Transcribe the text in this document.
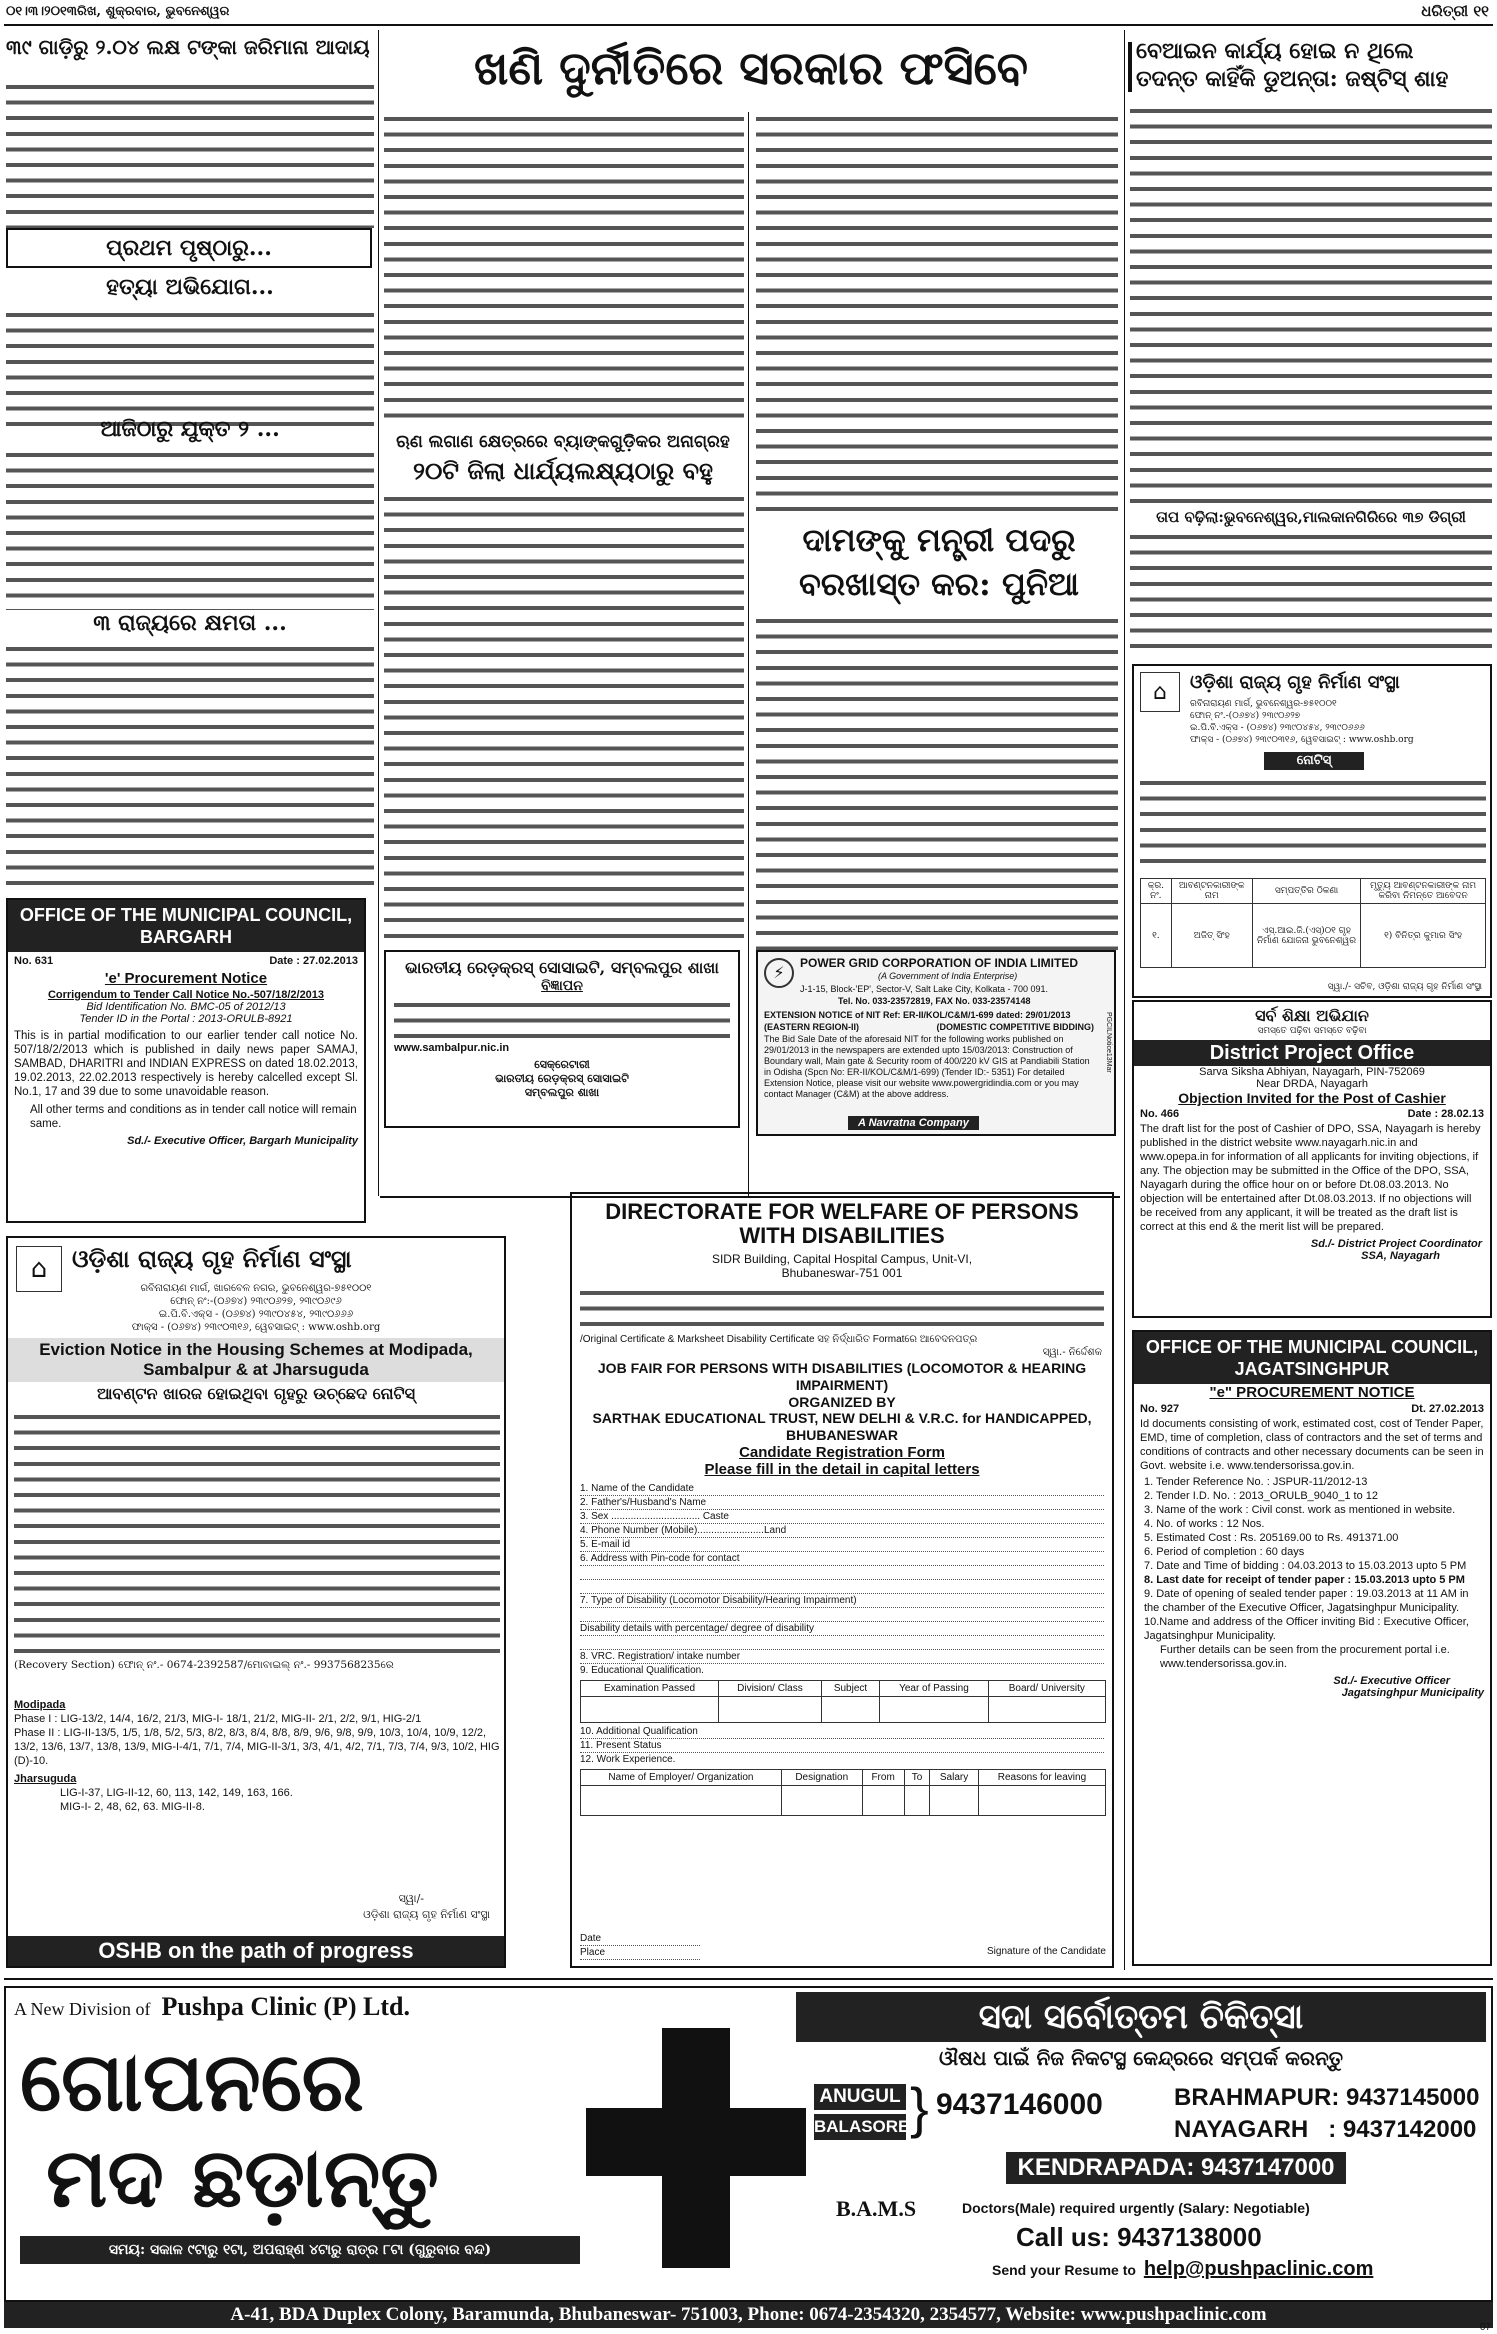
୦୧।୩।୨୦୧୩ରିଖ, ଶୁକ୍ରବାର, ଭୁବନେଶ୍ୱର	ଧରିତ୍ରୀ ୧୧
୩୯ ଗାଡ଼ିରୁ ୨.୦୪ ଲକ୍ଷ ଟଙ୍କା ଜରିମାନା ଆଦାୟ
ପ୍ରଥମ ପୃଷ୍ଠାରୁ...
ହତ୍ୟା ଅଭିଯୋଗ...
ଆଜିଠାରୁ ଯୁକ୍ତ ୨ ...
୩ ରାଜ୍ୟରେ କ୍ଷମତା ...
OFFICE OF THE MUNICIPAL COUNCIL, BARGARH
No. 631	Date : 27.02.2013
'e' Procurement Notice
Corrigendum to Tender Call Notice No.-507/18/2/2013
Bid Identification No. BMC-05 of 2012/13
Tender ID in the Portal : 2013-ORULB-8921
This is in partial modification to our earlier tender call notice No. 507/18/2/2013 which is published in daily news paper SAMAJ, SAMBAD, DHARITRI and INDIAN EXPRESS on dated 18.02.2013, 19.02.2013, 22.02.2013 respectively is hereby calcelled except Sl. No.1, 17 and 39 due to some unavoidable reason.
All other terms and conditions as in tender call notice will remain same.
Sd./- Executive Officer, Bargarh Municipality
⌂	ଓଡ଼ିଶା ରାଜ୍ୟ ଗୃହ ନିର୍ମାଣ ସଂସ୍ଥା
ରବିନାରାୟଣ ମାର୍ଗ, ଖାରବେଳ ନଗର, ଭୁବନେଶ୍ୱର-୭୫୧୦୦୧
ଫୋନ୍ ନଂ:-(୦୬୭୪) ୨୩୯୦୬୨୭, ୨୩୯୦୬୯୬
ଇ.ପି.ବି.ଏକ୍ସ - (୦୬୭୪) ୨୩୯୦୪୫୪, ୨୩୯୦୬୬୬
ଫାକ୍ସ - (୦୬୭୪) ୨୩୯୦୩୧୬, ୱେବସାଇଟ୍ : www.oshb.org
Eviction Notice in the Housing Schemes at Modipada, Sambalpur & at Jharsuguda
ଆବଣ୍ଟନ ଖାରଜ ହୋଇଥିବା ଗୃହରୁ ଉଚ୍ଛେଦ ନୋଟିସ୍
(Recovery Section) ଫୋନ୍ ନଂ.- 0674-2392587/ମୋବାଇଲ୍ ନଂ.- 9937568235ରେ
Modipada
Phase I : LIG-13/2, 14/4, 16/2, 21/3, MIG-I- 18/1, 21/2, MIG-II- 2/1, 2/2, 9/1, HIG-2/1
Phase II : LIG-II-13/5, 1/5, 1/8, 5/2, 5/3, 8/2, 8/3, 8/4, 8/8, 8/9, 9/6, 9/8, 9/9, 10/3, 10/4, 10/9, 12/2, 13/2, 13/6, 13/7, 13/8, 13/9, MIG-I-4/1, 7/1, 7/4, MIG-II-3/1, 3/3, 4/1, 4/2, 7/1, 7/3, 7/4, 9/3, 10/2, HIG (D)-10.
Jharsuguda
LIG-I-37, LIG-II-12, 60, 113, 142, 149, 163, 166.
MIG-I- 2, 48, 62, 63. MIG-II-8.
ସ୍ୱା/-
ଓଡ଼ିଶା ରାଜ୍ୟ ଗୃହ ନିର୍ମାଣ ସଂସ୍ଥା
OSHB on the path of progress
ଖଣି ଦୁର୍ନୀତିରେ ସରକାର ଫସିବେ
ଋଣ ଲଗାଣ କ୍ଷେତ୍ରରେ ବ୍ୟାଙ୍କଗୁଡ଼ିକର ଅନାଗ୍ରହ
୨୦ଟି ଜିଲା ଧାର୍ଯ୍ୟଲକ୍ଷ୍ୟଠାରୁ ବହୁ
ଦାମଙ୍କୁ ମନ୍ତ୍ରୀ ପଦରୁ ବରଖାସ୍ତ କର: ପୁନିଆ
ଭାରତୀୟ ରେଡ଼କ୍ରସ୍ ସୋସାଇଟି, ସମ୍ବଲପୁର ଶାଖା
ବିଜ୍ଞାପନ
www.sambalpur.nic.in
ସେକ୍ରେଟାରୀ
ଭାରତୀୟ ରେଡ଼କ୍ରସ୍ ସୋସାଇଟି
ସମ୍ବଲପୁର ଶାଖା
⚡	POWER GRID CORPORATION OF INDIA LIMITED
(A Government of India Enterprise)
J-1-15, Block-'EP', Sector-V, Salt Lake City, Kolkata - 700 091.
Tel. No. 033-23572819, FAX No. 033-23574148
EXTENSION NOTICE of NIT Ref: ER-II/KOL/C&M/1-699 dated: 29/01/2013
(EASTERN REGION-II)	(DOMESTIC COMPETITIVE BIDDING)
The Bid Sale Date of the aforesaid NIT for the following works published on 29/01/2013 in the newspapers are extended upto 15/03/2013: Construction of Boundary wall, Main gate & Security room of 400/220 kV GIS at Pandiabili Station in Odisha (Spcn No: ER-II/KOL/C&M/1-699) (Tender ID:- 5351) For detailed Extension Notice, please visit our website www.powergridindia.com or you may contact Manager (C&M) at the above address.
PGCILNotice13Mar
A Navratna Company
DIRECTORATE FOR WELFARE OF PERSONS WITH DISABILITIES
SIDR Building, Capital Hospital Campus, Unit-VI,
Bhubaneswar-751 001
/Original Certificate & Marksheet Disability Certificate ସହ ନିର୍ଦ୍ଧାରିତ Formatରେ ଆବେଦନପତ୍ର
ସ୍ୱା.- ନିର୍ଦ୍ଦେଶକ
JOB FAIR FOR PERSONS WITH DISABILITIES (LOCOMOTOR & HEARING IMPAIRMENT)
ORGANIZED BY
SARTHAK EDUCATIONAL TRUST, NEW DELHI & V.R.C. for HANDICAPPED, BHUBANESWAR
Candidate Registration Form
Please fill in the detail in capital letters
1. Name of the Candidate
2. Father's/Husband's Name
3. Sex ................................ Caste
4. Phone Number (Mobile)........................Land
5. E-mail id
6. Address with Pin-code for contact
7. Type of Disability (Locomotor Disability/Hearing Impairment)
Disability details with percentage/ degree of disability
8. VRC. Registration/ intake number
9. Educational Qualification.
Examination Passed	Division/ Class	Subject	Year of Passing	Board/ University

10. Additional Qualification
11. Present Status
12. Work Experience.
Name of Employer/ Organization	Designation	From	To	Salary	Reasons for leaving

Date
Place	Signature of the Candidate
ବେଆଇନ କାର୍ଯ୍ୟ ହୋଇ ନ ଥିଲେ
ତଦନ୍ତ କାହିଁକି ଡୁଅନ୍ତା: ଜଷ୍ଟିସ୍ ଶାହ
ତାପ ବଢ଼ିଲା:ଭୁବନେଶ୍ୱର,ମାଲକାନଗିରିରେ ୩୭ ଡିଗ୍ରୀ
⌂	ଓଡ଼ିଶା ରାଜ୍ୟ ଗୃହ ନିର୍ମାଣ ସଂସ୍ଥା
ରବିନାରାୟଣ ମାର୍ଗ, ଭୁବନେଶ୍ୱର-୭୫୧୦୦୧
ଫୋନ୍ ନଂ.-(୦୬୭୪) ୨୩୯୦୬୨୭
ଇ.ପି.ବି.ଏକ୍ସ - (୦୬୭୪) ୨୩୯୦୪୫୪, ୨୩୯୦୬୬୬
ଫାକ୍ସ - (୦୬୭୪) ୨୩୯୦୩୧୬, ୱେବସାଇଟ୍ : www.oshb.org
ନୋଟିସ୍
କ୍ର. ନଂ.	ଆବଣ୍ଟନକାରୀଙ୍କ ନାମ	ସମ୍ପତ୍ତିର ଠିକଣା	ମୃତ୍ୟୁ ଆବଣ୍ଟନକାରୀଙ୍କ ନାମ କରିବା ନିମନ୍ତେ ଆବେଦନ
୧.	ଅଜିତ୍ ସିଂହ	ଏସ୍.ଆଇ.ଜି.(ଏସ୍)୦୧ ଗୃହ ନିର୍ମାଣ ଯୋଜନା ଭୁବନେଶ୍ୱର	୧) ବିନିତ୍ର କୁମାର ସିଂହ
ସ୍ୱା./- ସଚିବ, ଓଡ଼ିଶା ରାଜ୍ୟ ଗୃହ ନିର୍ମାଣ ସଂସ୍ଥା
ସର୍ବ ଶିକ୍ଷା ଅଭିଯାନ
ସମସ୍ତେ ପଢ଼ିବା ସମସ୍ତେ ବଢ଼ିବା
District Project Office
Sarva Siksha Abhiyan, Nayagarh, PIN-752069
Near DRDA, Nayagarh
Objection Invited for the Post of Cashier
No. 466	Date : 28.02.13
The draft list for the post of Cashier of DPO, SSA, Nayagarh is hereby published in the district website www.nayagarh.nic.in and www.opepa.in for information of all applicants for inviting objections, if any. The objection may be submitted in the Office of the DPO, SSA, Nayagarh during the office hour on or before Dt.08.03.2013. No objection will be entertained after Dt.08.03.2013. If no objections will be received from any applicant, it will be treated as the draft list is correct at this end & the merit list will be prepared.
Sd./- District Project Coordinator
SSA, Nayagarh
OFFICE OF THE MUNICIPAL COUNCIL, JAGATSINGHPUR
"e" PROCUREMENT NOTICE
No. 927	Dt. 27.02.2013
Id documents consisting of work, estimated cost, cost of Tender Paper, EMD, time of completion, class of contractors and the set of terms and conditions of contracts and other necessary documents can be seen in Govt. website i.e. www.tendersorissa.gov.in.
1. Tender Reference No. : JSPUR-11/2012-13
2. Tender I.D. No. : 2013_ORULB_9040_1 to 12
3. Name of the work : Civil const. work as mentioned in website.
4. No. of works : 12 Nos.
5. Estimated Cost : Rs. 205169.00 to Rs. 491371.00
6. Period of completion : 60 days
7. Date and Time of bidding : 04.03.2013 to 15.03.2013 upto 5 PM
8. Last date for receipt of tender paper : 15.03.2013 upto 5 PM
9. Date of opening of sealed tender paper : 19.03.2013 at 11 AM in the chamber of the Executive Officer, Jagatsinghpur Municipality.
10.Name and address of the Officer inviting Bid : Executive Officer, Jagatsinghpur Municipality.
Further details can be seen from the procurement portal i.e. www.tendersorissa.gov.in.
Sd./- Executive Officer
Jagatsinghpur Municipality
A New Division of Pushpa Clinic (P) Ltd.
ଗୋପନରେ
ମଦ ଛଡ଼ାନ୍ତୁ
ସମୟ: ସକାଳ ୯ଟାରୁ ୧ଟା, ଅପରାହ୍ଣ ୪ଟାରୁ ରାତ୍ର ୮ଟା (ଗୁରୁବାର ବନ୍ଦ)
ସଦା ସର୍ବୋତ୍ତମ ଚିକିତ୍ସା
ଔଷଧ ପାଇଁ ନିଜ ନିକଟସ୍ଥ କେନ୍ଦ୍ରରେ ସମ୍ପର୍କ କରନ୍ତୁ
ANUGUL
BALASORE } 9437146000	BRAHMAPUR: 9437145000
NAYAGARH   : 9437142000
KENDRAPADA: 9437147000
B.A.M.S	Doctors(Male) required urgently (Salary: Negotiable)
Call us: 9437138000
Send your Resume to help@pushpaclinic.com
A-41, BDA Duplex Colony, Baramunda, Bhubaneswar- 751003, Phone: 0674-2354320, 2354577, Website: www.pushpaclinic.com
07
